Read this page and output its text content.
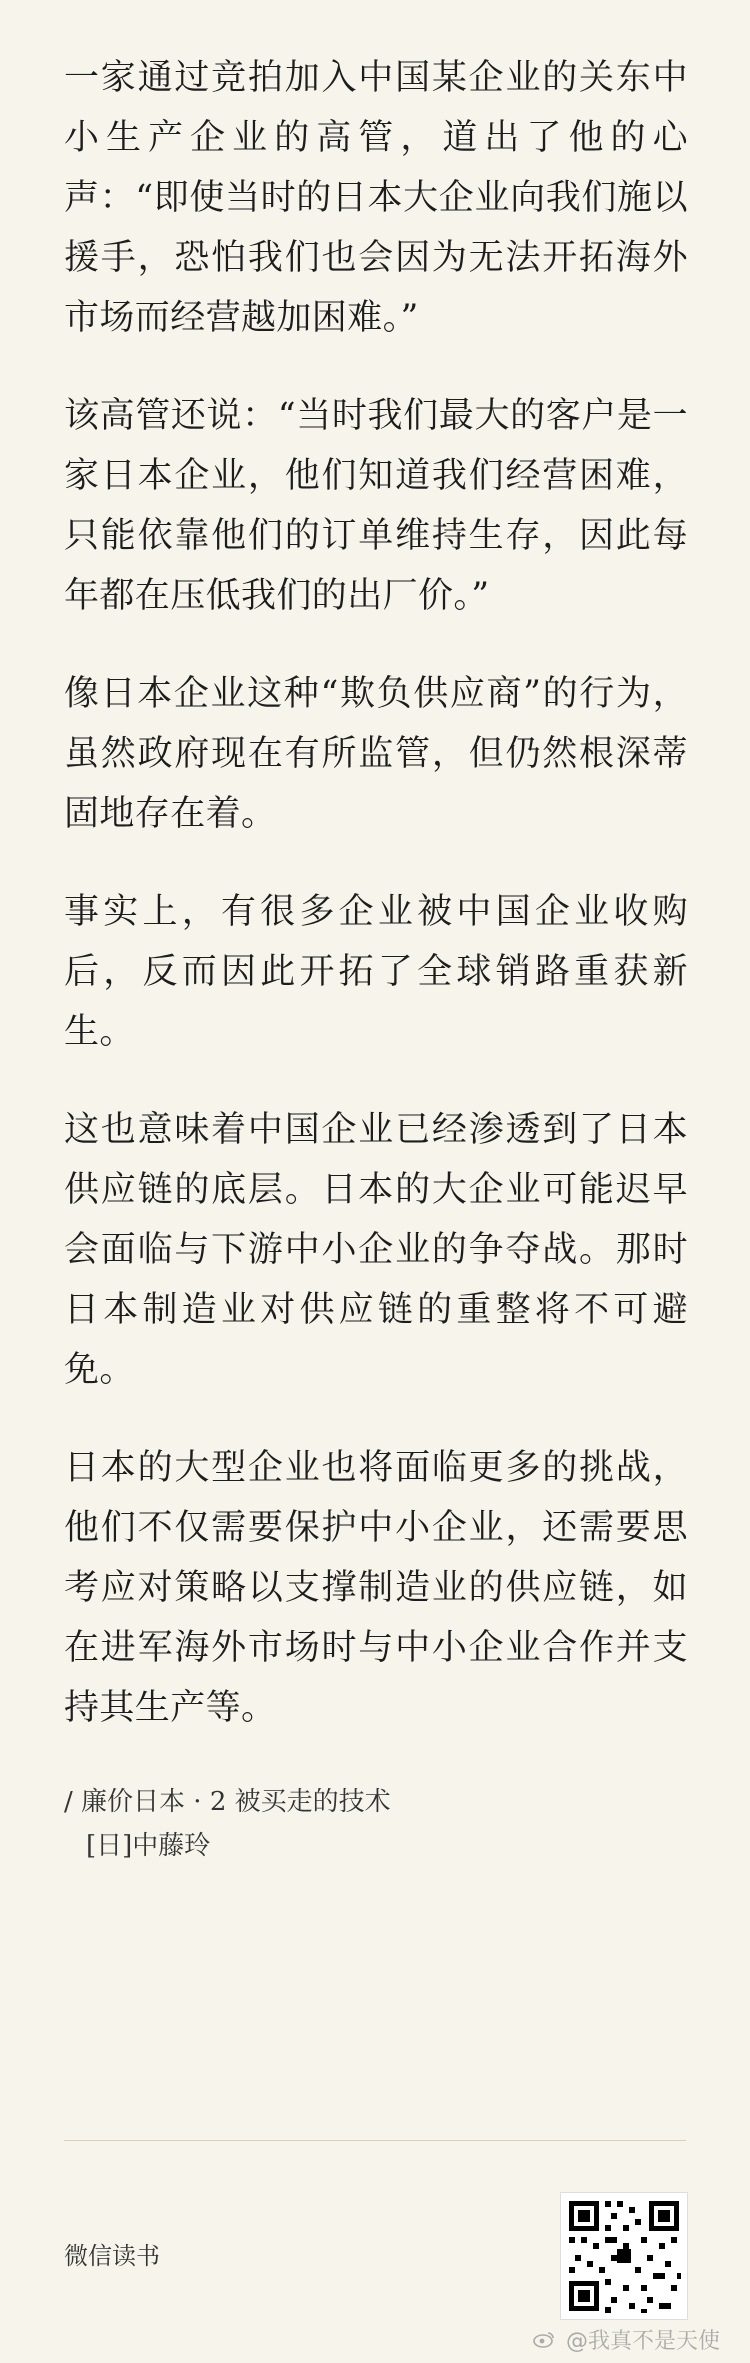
一家通过竞拍加入中国某企业的关东中小生产企业的高管，道出了他的心声：“即使当时的日本大企业向我们施以援手，恐怕我们也会因为无法开拓海外市场而经营越加困难。”

该高管还说：“当时我们最大的客户是一家日本企业，他们知道我们经营困难，只能依靠他们的订单维持生存，因此每年都在压低我们的出厂价。”

像日本企业这种“欺负供应商”的行为，虽然政府现在有所监管，但仍然根深蒂固地存在着。

事实上，有很多企业被中国企业收购后，反而因此开拓了全球销路重获新生。

这也意味着中国企业已经渗透到了日本供应链的底层。日本的大企业可能迟早会面临与下游中小企业的争夺战。那时日本制造业对供应链的重整将不可避免。

日本的大型企业也将面临更多的挑战，他们不仅需要保护中小企业，还需要思考应对策略以支撑制造业的供应链，如在进军海外市场时与中小企业合作并支持其生产等。

/ 廉价日本 · 2 被买走的技术
[日]中藤玲
微信读书
@我真不是天使
